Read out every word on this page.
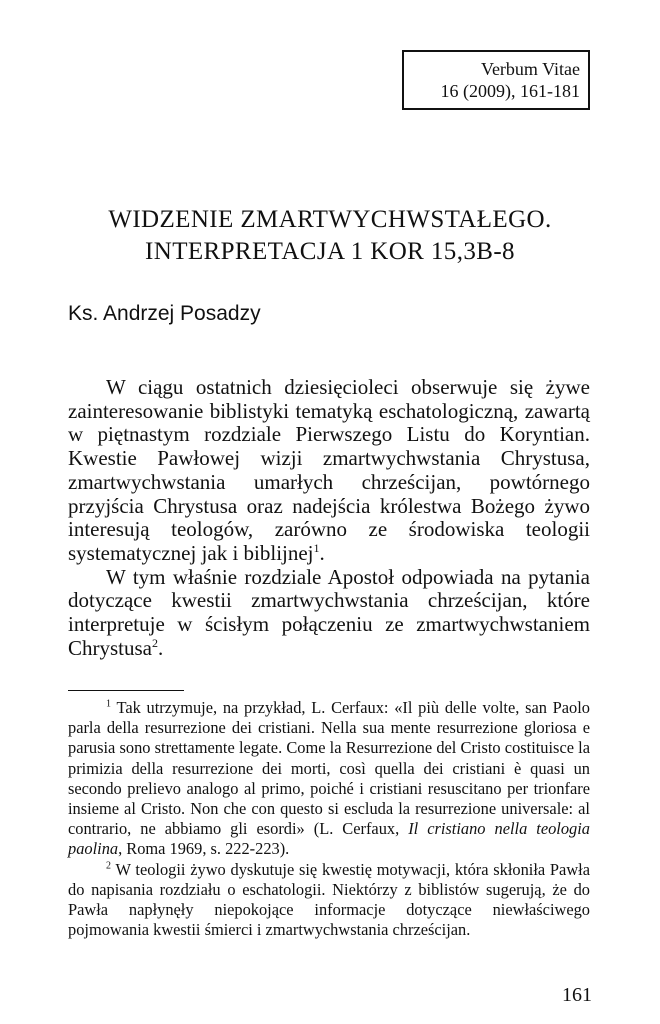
Verbum Vitae
16 (2009), 161-181
WIDZENIE ZMARTWYCHWSTAŁEGO.
INTERPRETACJA 1 KOR 15,3B-8
Ks. Andrzej Posadzy

W ciągu ostatnich dziesięcioleci obserwuje się żywe zainteresowanie biblistyki tematyką eschatologiczną, zawartą w piętnastym rozdziale Pierwszego Listu do Koryntian. Kwestie Pawłowej wizji zmartwychwstania Chrystusa, zmartwychwstania umarłych chrześcijan, powtórnego przyjścia Chrystusa oraz nadejścia królestwa Bożego żywo interesują teologów, zarówno ze środowiska teologii systematycznej jak i biblijnej$^1$.

W tym właśnie rozdziale Apostoł odpowiada na pytania dotyczące kwestii zmartwychwstania chrześcijan, które interpretuje w ścisłym połączeniu ze zmartwychwstaniem Chrystusa$^2$.

$^1$ Tak utrzymuje, na przykład, L. Cerfaux: «Il più delle volte, san Paolo parla della resurrezione dei cristiani. Nella sua mente resurrezione gloriosa e parusia sono strettamente legate. Come la Resurrezione del Cristo costituisce la primizia della resurrezione dei morti, così quella dei cristiani è quasi un secondo prelievo analogo al primo, poiché i cristiani resuscitano per trionfare insieme al Cristo. Non che con questo si escluda la resurrezione universale: al contrario, ne abbiamo gli esordi» (L. Cerfaux, Il cristiano nella teologia paolina, Roma 1969, s. 222-223).

$^2$ W teologii żywo dyskutuje się kwestię motywacji, która skłoniła Pawła do napisania rozdziału o eschatologii. Niektórzy z biblistów sugerują, że do Pawła napłynęły niepokojące informacje dotyczące niewłaściwego pojmowania kwestii śmierci i zmartwychwstania chrześcijan.

161
